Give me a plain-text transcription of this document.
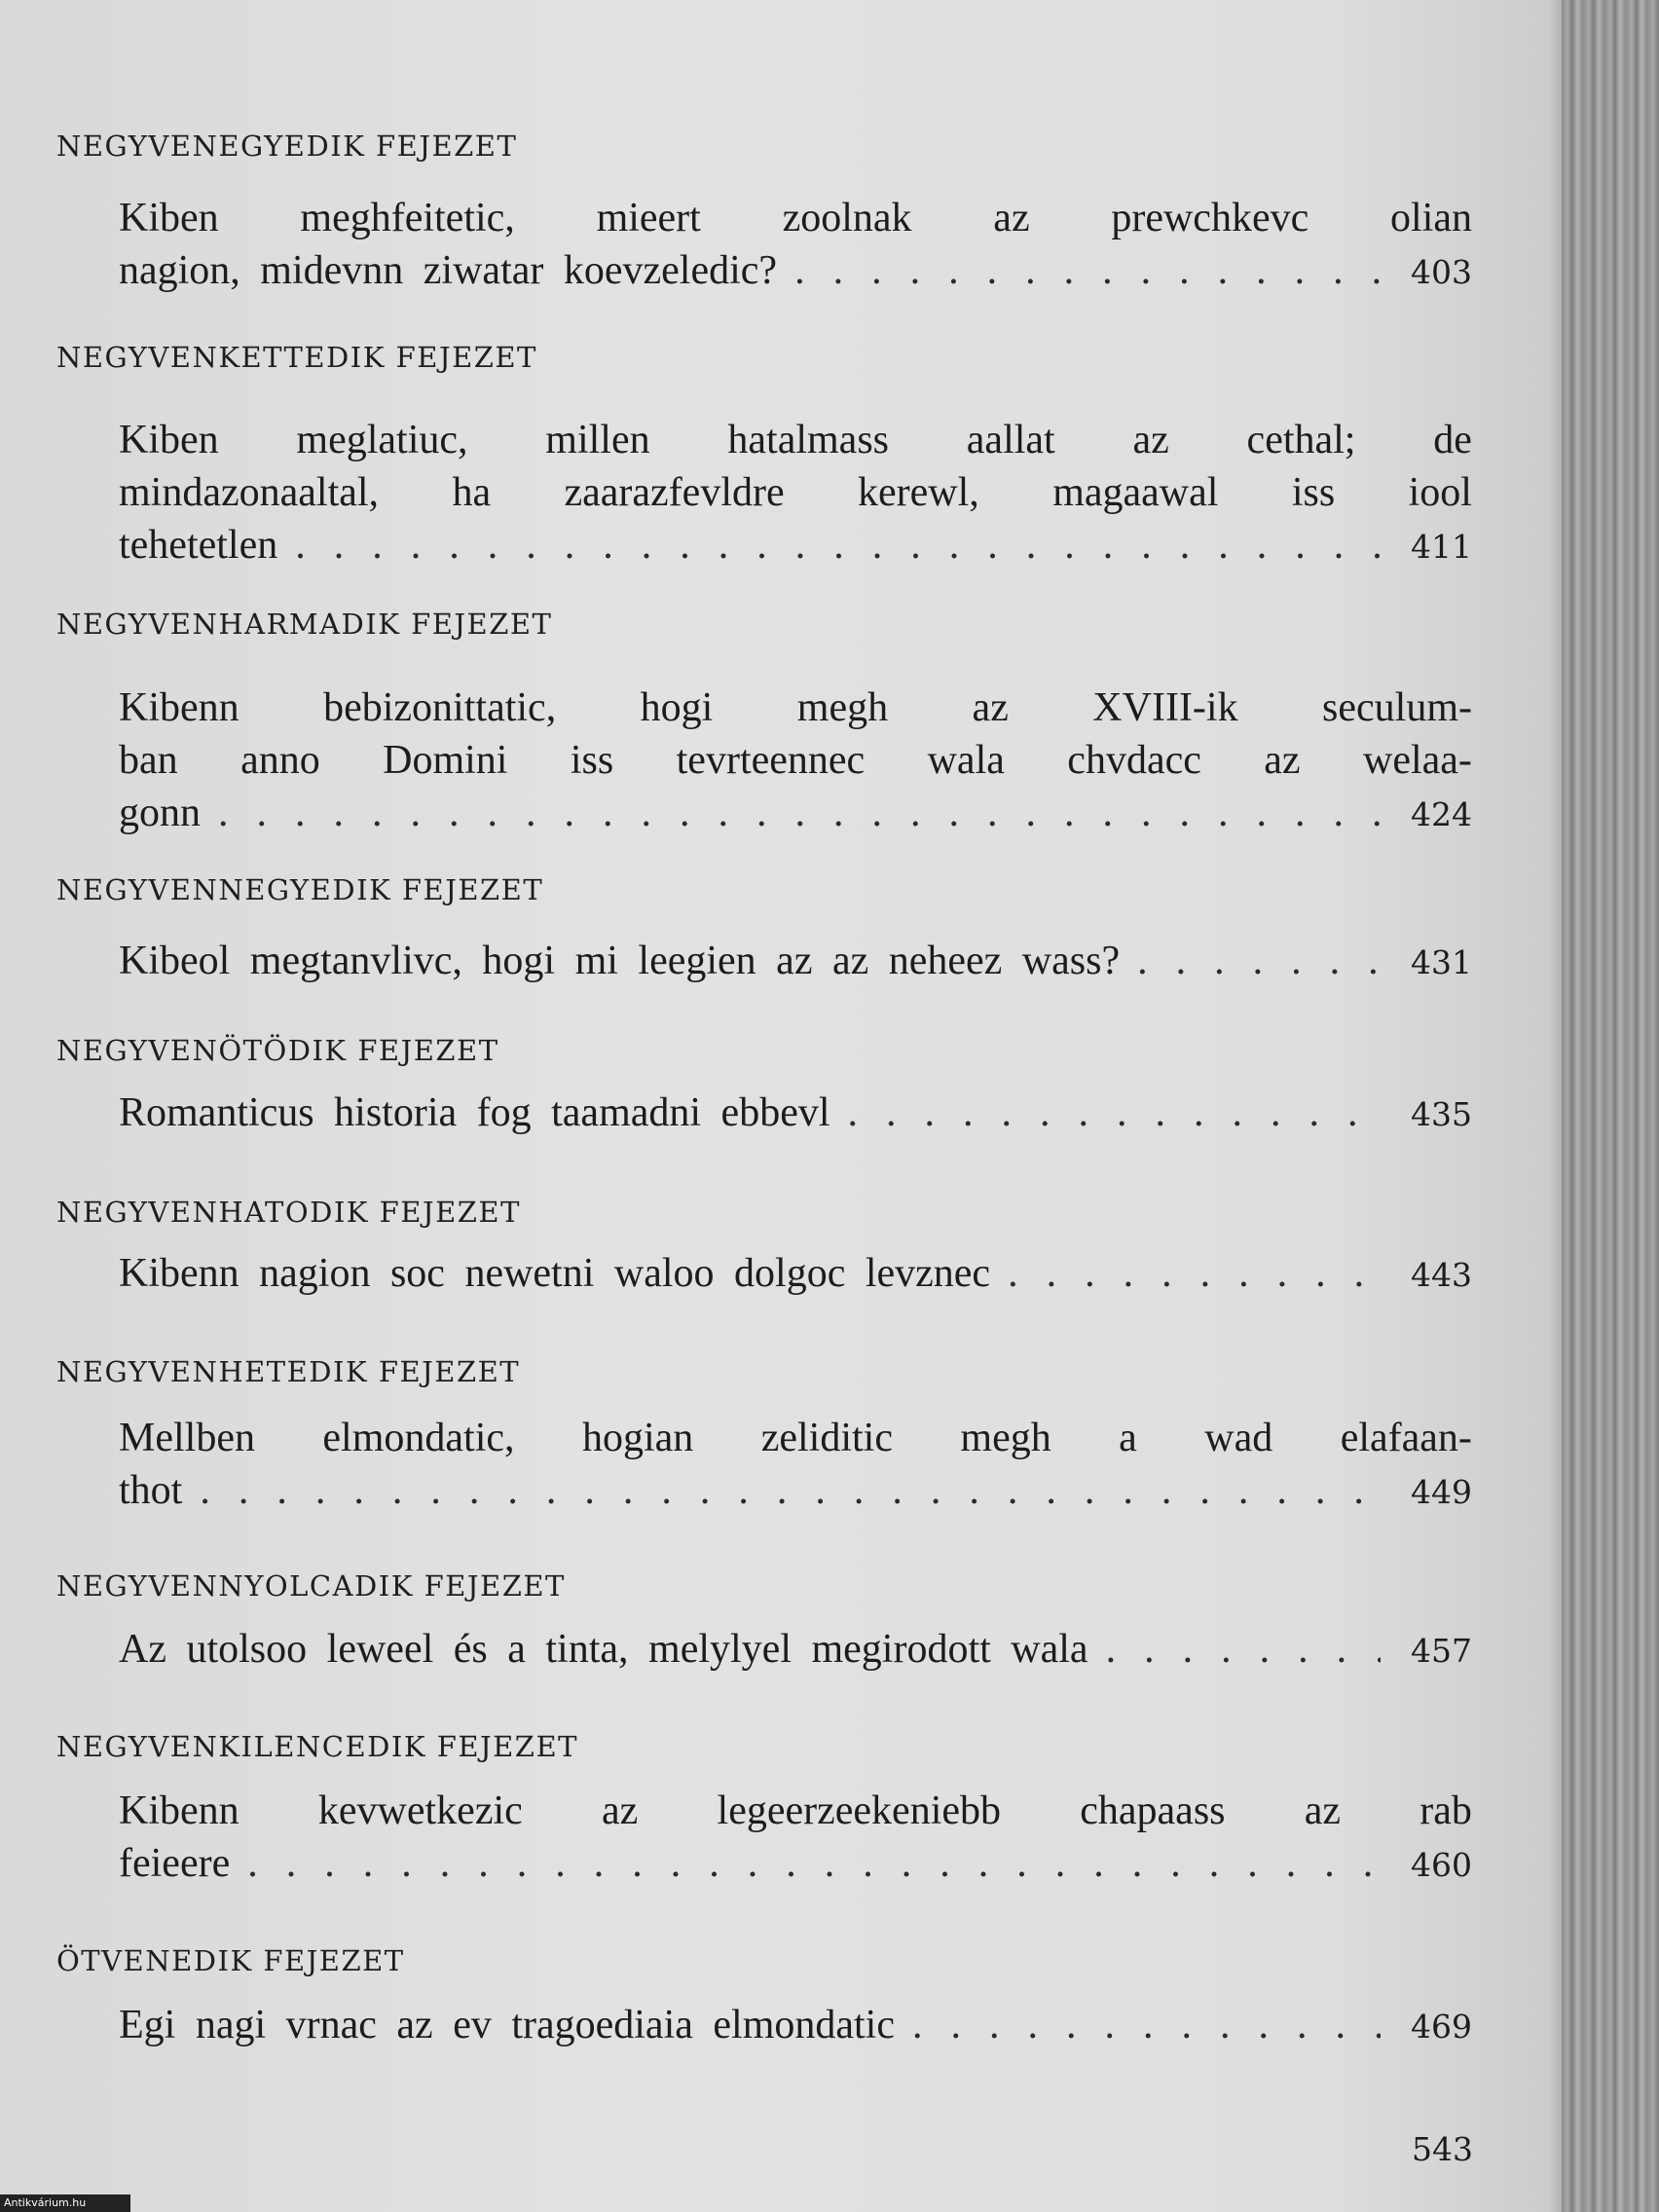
NEGYVENEGYEDIK FEJEZET
Kiben meghfeitetic, mieert zoolnak az prewchkevc olian
nagion, midevnn ziwatar koevzeledic? . .	403
NEGYVENKETTEDIK FEJEZET
Kiben meglatiuc, millen hatalmass aallat az cethal; de
mindazonaaltal, ha zaarazfevldre kerewl, magaawal iss iool
tehetetlen . .	411
NEGYVENHARMADIK FEJEZET
Kibenn bebizonittatic, hogi megh az XVIII-ik seculum-
ban anno Domini iss tevrteennec wala chvdacc az welaa-
gonn . .	424
NEGYVENNEGYEDIK FEJEZET
Kibeol megtanvlivc, hogi mi leegien az az neheez wass? . .	431
NEGYVENÖTÖDIK FEJEZET
Romanticus historia fog taamadni ebbevl . .	435
NEGYVENHATODIK FEJEZET
Kibenn nagion soc newetni waloo dolgoc levznec . .	443
NEGYVENHETEDIK FEJEZET
Mellben elmondatic, hogian zeliditic megh a wad elafaan-
thot . .	449
NEGYVENNYOLCADIK FEJEZET
Az utolsoo leweel és a tinta, melylyel megirodott wala . .	457
NEGYVENKILENCEDIK FEJEZET
Kibenn kevwetkezic az legeerzeekeniebb chapaass az rab
feieere . .	460
ÖTVENEDIK FEJEZET
Egi nagi vrnac az ev tragoediaia elmondatic . .	469
543
Antikvárium.hu
